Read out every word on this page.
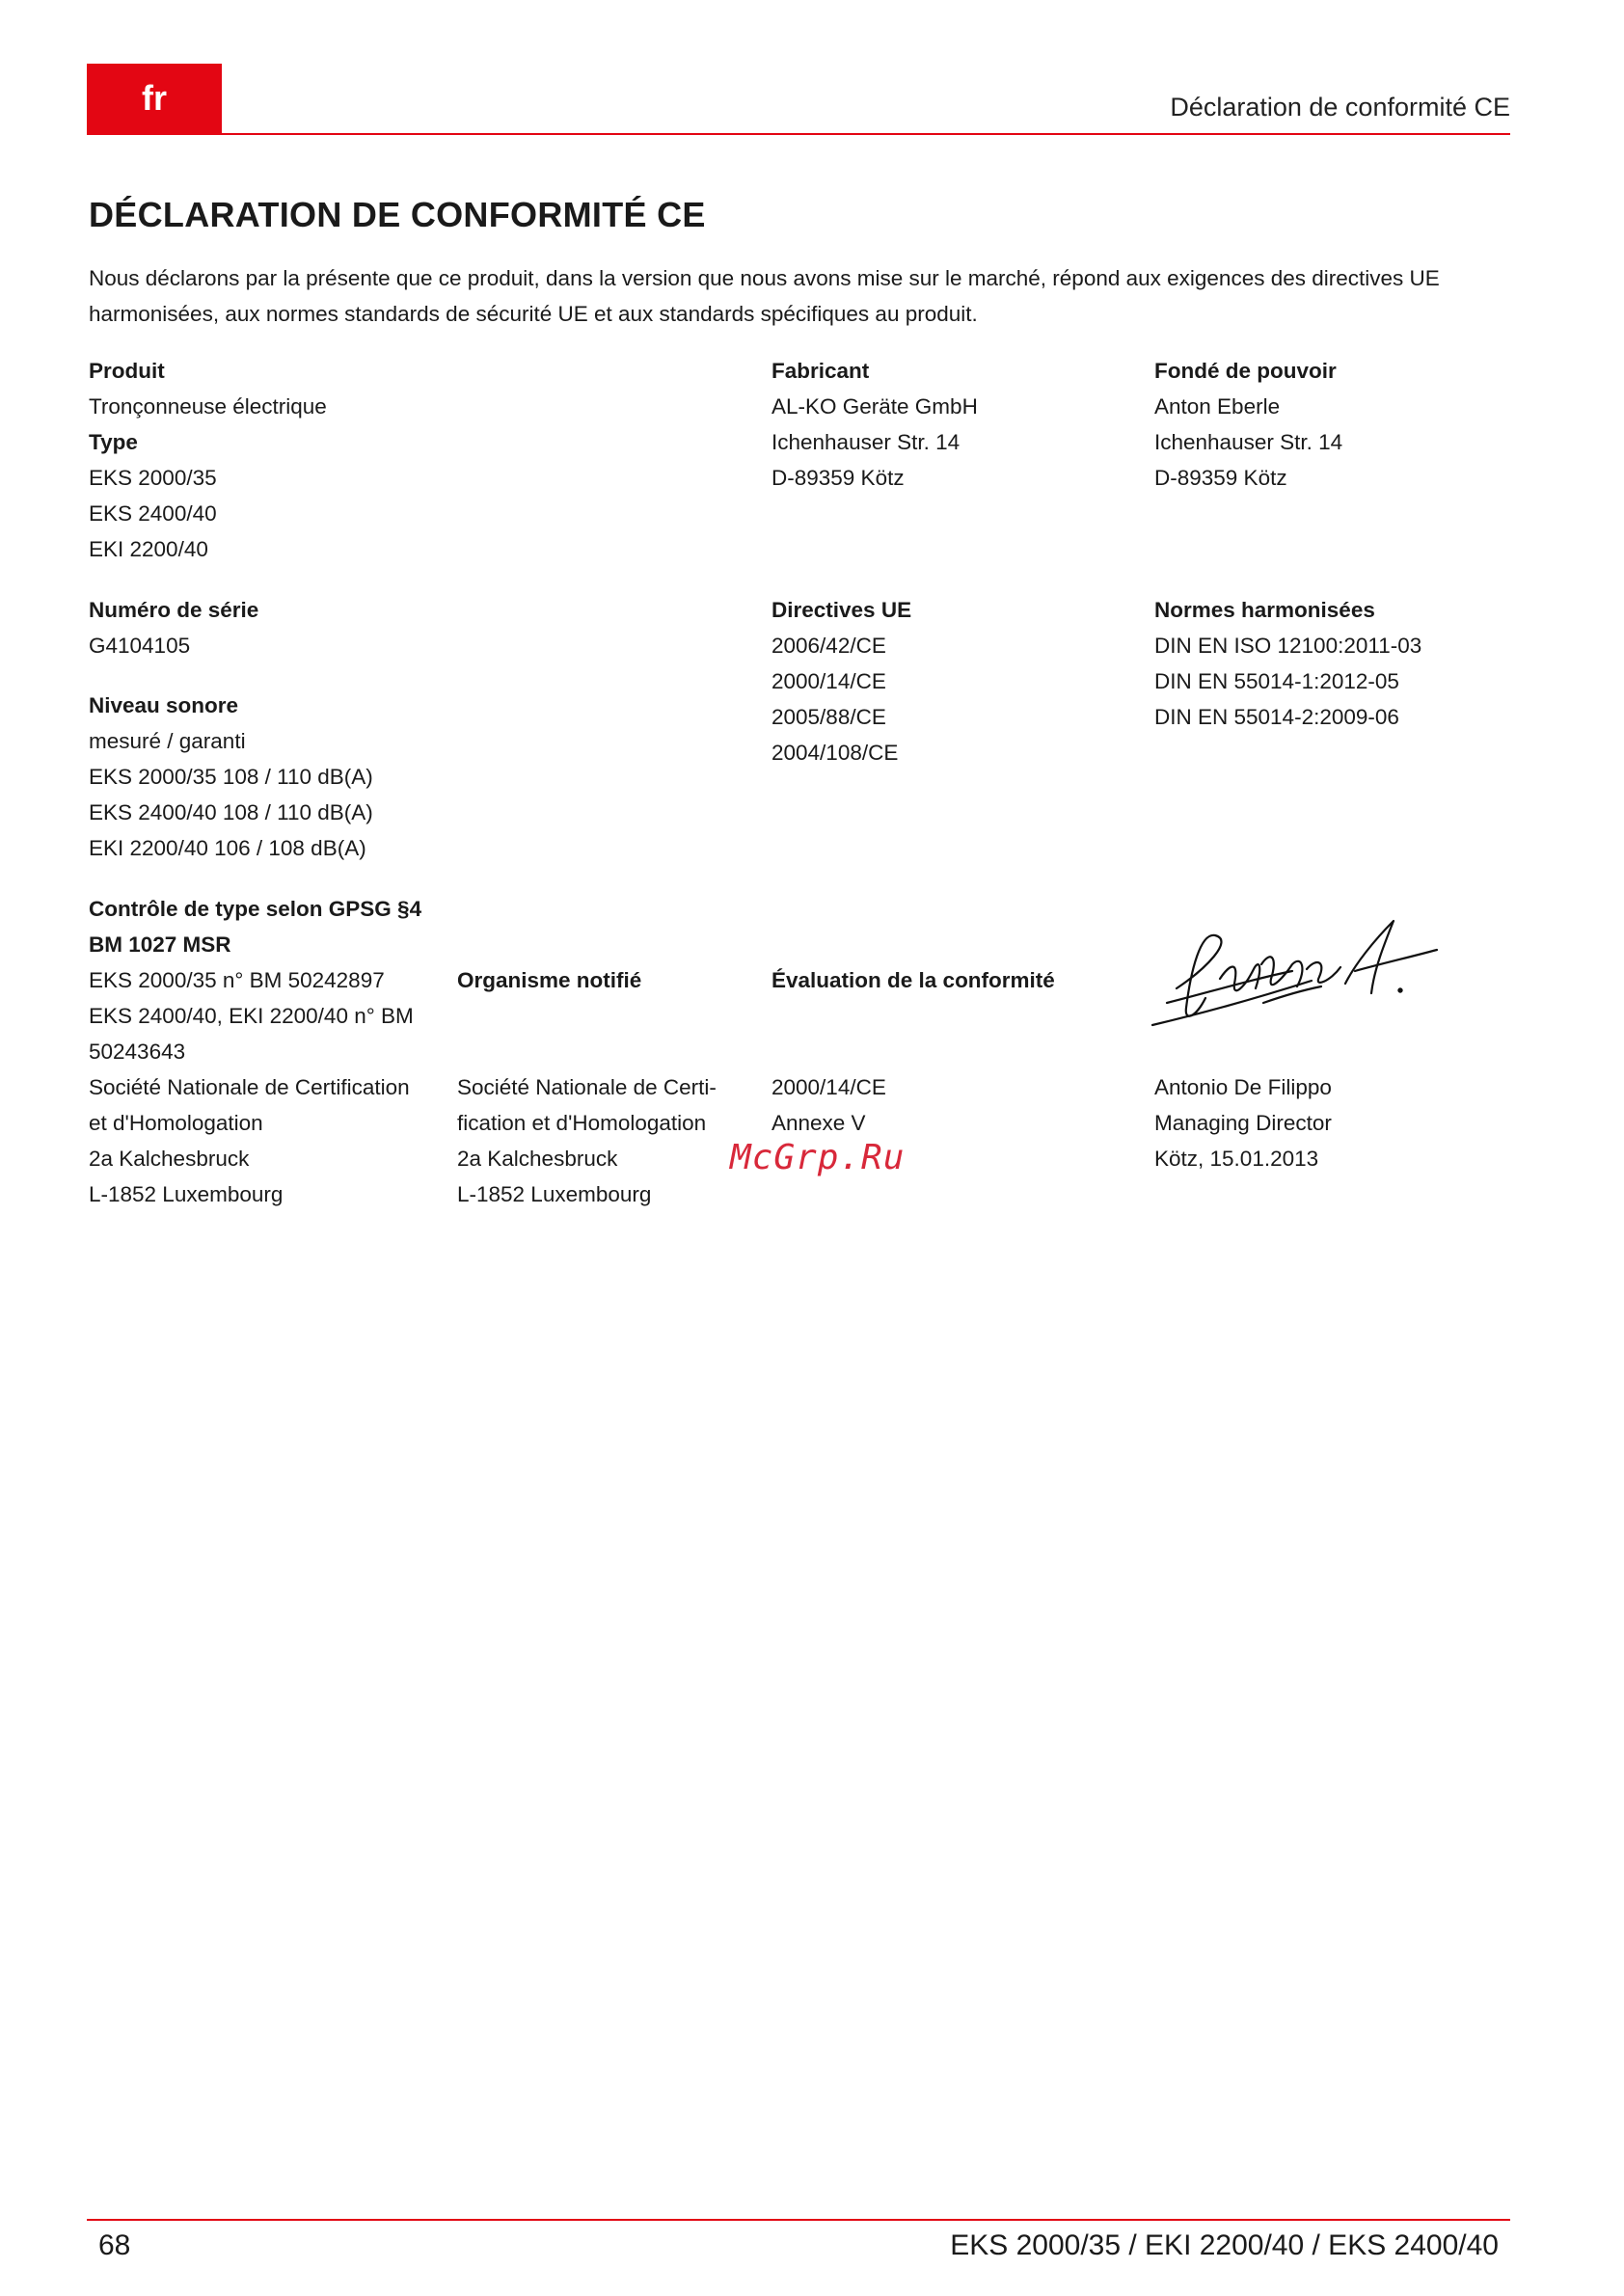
fr	Déclaration de conformité CE
DÉCLARATION DE CONFORMITÉ CE
Nous déclarons par la présente que ce produit, dans la version que nous avons mise sur le marché, répond aux exigences des directives UE harmonisées, aux normes standards de sécurité UE et aux standards spécifiques au produit.
Produit
Tronçonneuse électrique
Type
EKS 2000/35
EKS 2400/40
EKI 2200/40
Fabricant
AL-KO Geräte GmbH
Ichenhauser Str. 14
D-89359 Kötz
Fondé de pouvoir
Anton Eberle
Ichenhauser Str. 14
D-89359 Kötz
Numéro de série
G4104105
Niveau sonore
mesuré / garanti
EKS 2000/35 108 / 110 dB(A)
EKS 2400/40 108 / 110 dB(A)
EKI 2200/40 106 / 108 dB(A)
Directives UE
2006/42/CE
2000/14/CE
2005/88/CE
2004/108/CE
Normes harmonisées
DIN EN ISO 12100:2011-03
DIN EN 55014-1:2012-05
DIN EN 55014-2:2009-06
Contrôle de type selon GPSG §4
BM 1027 MSR
EKS 2000/35 n° BM 50242897
EKS 2400/40, EKI 2200/40 n° BM
50243643
Société Nationale de Certification
et d'Homologation
2a Kalchesbruck
L-1852 Luxembourg
Organisme notifié
Société Nationale de Certi-
fication et d'Homologation
2a Kalchesbruck
L-1852 Luxembourg
Évaluation de la conformité
2000/14/CE
Annexe V
Antonio De Filippo
Managing Director
Kötz, 15.01.2013
McGrp.Ru
68	EKS 2000/35 / EKI 2200/40 / EKS 2400/40
